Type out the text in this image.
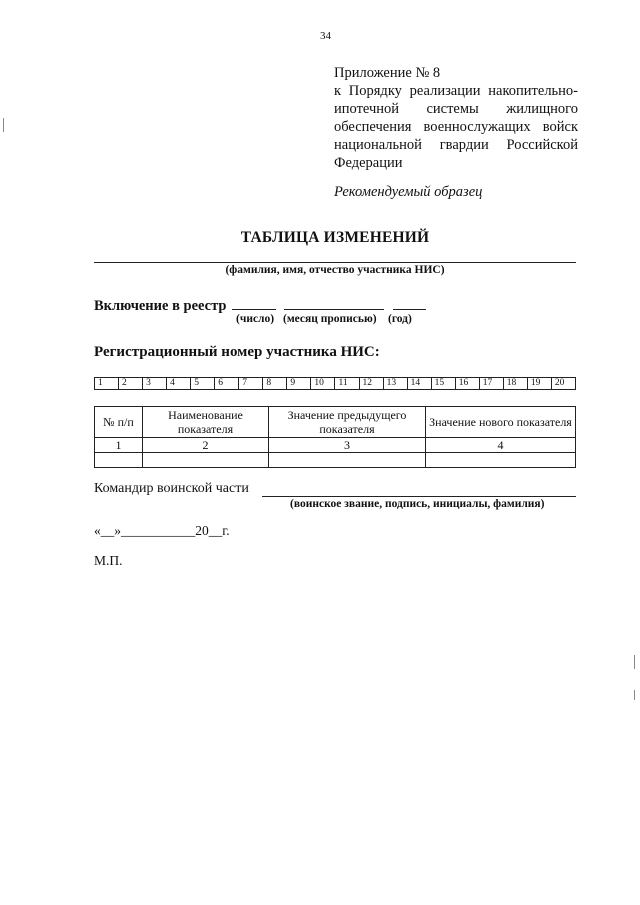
34
Приложение № 8
к Порядку реализации накопительно-
ипотечной системы жилищного
обеспечения военнослужащих войск
национальной гвардии Российской
Федерации
Рекомендуемый образец
ТАБЛИЦА ИЗМЕНЕНИЙ
(фамилия, имя, отчество участника НИС)
Включение в реестр
(число) (месяц прописью) (год)
Регистрационный номер участника НИС:
1	2	3	4	5	6	7	8	9	10	11	12	13	14	15	16	17	18	19	20
№ п/п	Наименование показателя	Значение предыдущего показателя	Значение нового показателя
1	2	3	4

Командир воинской части
(воинское звание, подпись, инициалы, фамилия)
«__»___________20__г.
М.П.
